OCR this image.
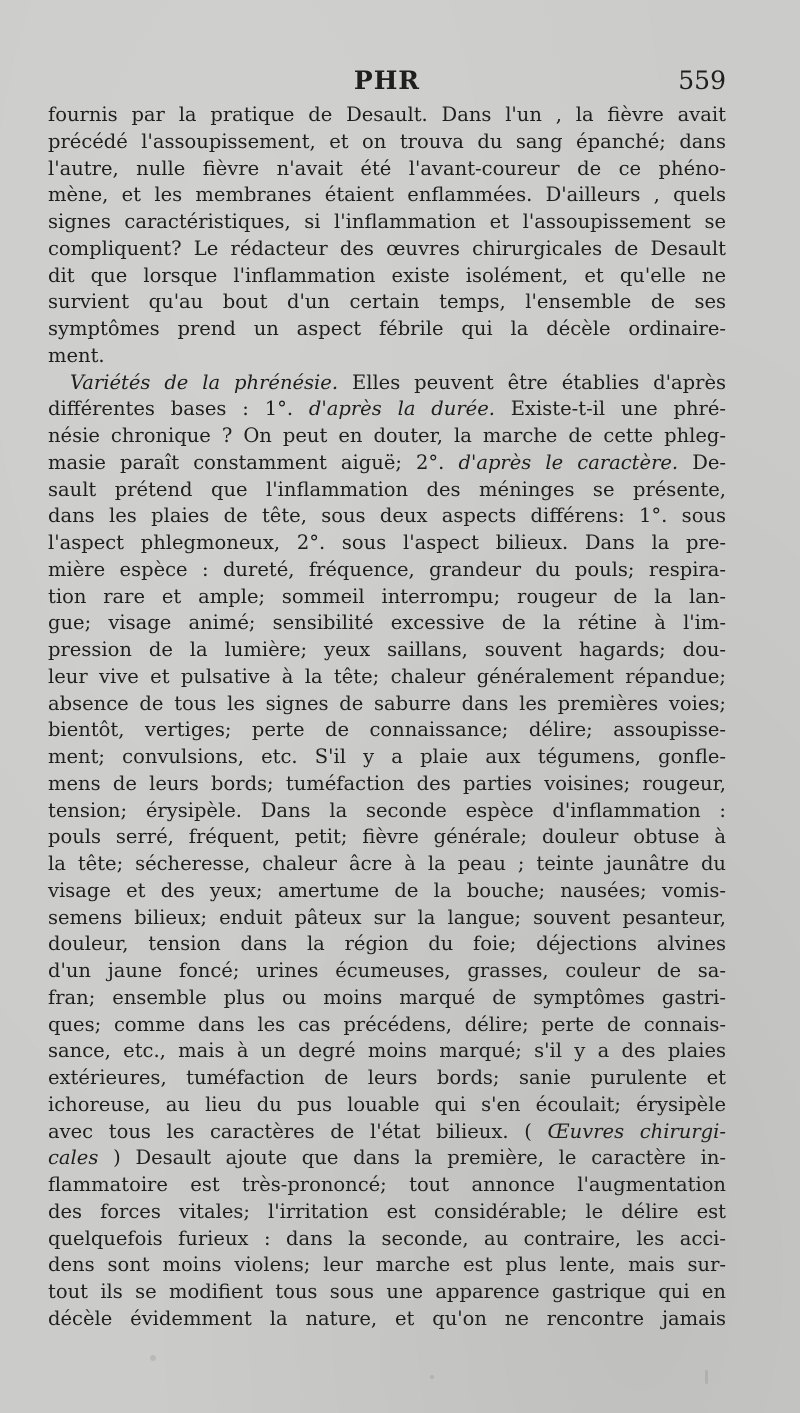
PHR	559
fournis par la pratique de Desault. Dans l'un , la fièvre avait
précédé l'assoupissement, et on trouva du sang épanché; dans
l'autre, nulle fièvre n'avait été l'avant-coureur de ce phéno-
mène, et les membranes étaient enflammées. D'ailleurs , quels
signes caractéristiques, si l'inflammation et l'assoupissement se
compliquent? Le rédacteur des œuvres chirurgicales de Desault
dit que lorsque l'inflammation existe isolément, et qu'elle ne
survient qu'au bout d'un certain temps, l'ensemble de ses
symptômes prend un aspect fébrile qui la décèle ordinaire-
ment.
Variétés de la phrénésie. Elles peuvent être établies d'après
différentes bases : 1°. d'après la durée. Existe-t-il une phré-
nésie chronique ? On peut en douter, la marche de cette phleg-
masie paraît constamment aiguë; 2°. d'après le caractère. De-
sault prétend que l'inflammation des méninges se présente,
dans les plaies de tête, sous deux aspects différens: 1°. sous
l'aspect phlegmoneux, 2°. sous l'aspect bilieux. Dans la pre-
mière espèce : dureté, fréquence, grandeur du pouls; respira-
tion rare et ample; sommeil interrompu; rougeur de la lan-
gue; visage animé; sensibilité excessive de la rétine à l'im-
pression de la lumière; yeux saillans, souvent hagards; dou-
leur vive et pulsative à la tête; chaleur généralement répandue;
absence de tous les signes de saburre dans les premières voies;
bientôt, vertiges; perte de connaissance; délire; assoupisse-
ment; convulsions, etc. S'il y a plaie aux tégumens, gonfle-
mens de leurs bords; tuméfaction des parties voisines; rougeur,
tension; érysipèle. Dans la seconde espèce d'inflammation :
pouls serré, fréquent, petit; fièvre générale; douleur obtuse à
la tête; sécheresse, chaleur âcre à la peau ; teinte jaunâtre du
visage et des yeux; amertume de la bouche; nausées; vomis-
semens bilieux; enduit pâteux sur la langue; souvent pesanteur,
douleur, tension dans la région du foie; déjections alvines
d'un jaune foncé; urines écumeuses, grasses, couleur de sa-
fran; ensemble plus ou moins marqué de symptômes gastri-
ques; comme dans les cas précédens, délire; perte de connais-
sance, etc., mais à un degré moins marqué; s'il y a des plaies
extérieures, tuméfaction de leurs bords; sanie purulente et
ichoreuse, au lieu du pus louable qui s'en écoulait; érysipèle
avec tous les caractères de l'état bilieux. ( Œuvres chirurgi-
cales ) Desault ajoute que dans la première, le caractère in-
flammatoire est très-prononcé; tout annonce l'augmentation
des forces vitales; l'irritation est considérable; le délire est
quelquefois furieux : dans la seconde, au contraire, les acci-
dens sont moins violens; leur marche est plus lente, mais sur-
tout ils se modifient tous sous une apparence gastrique qui en
décèle évidemment la nature, et qu'on ne rencontre jamais
